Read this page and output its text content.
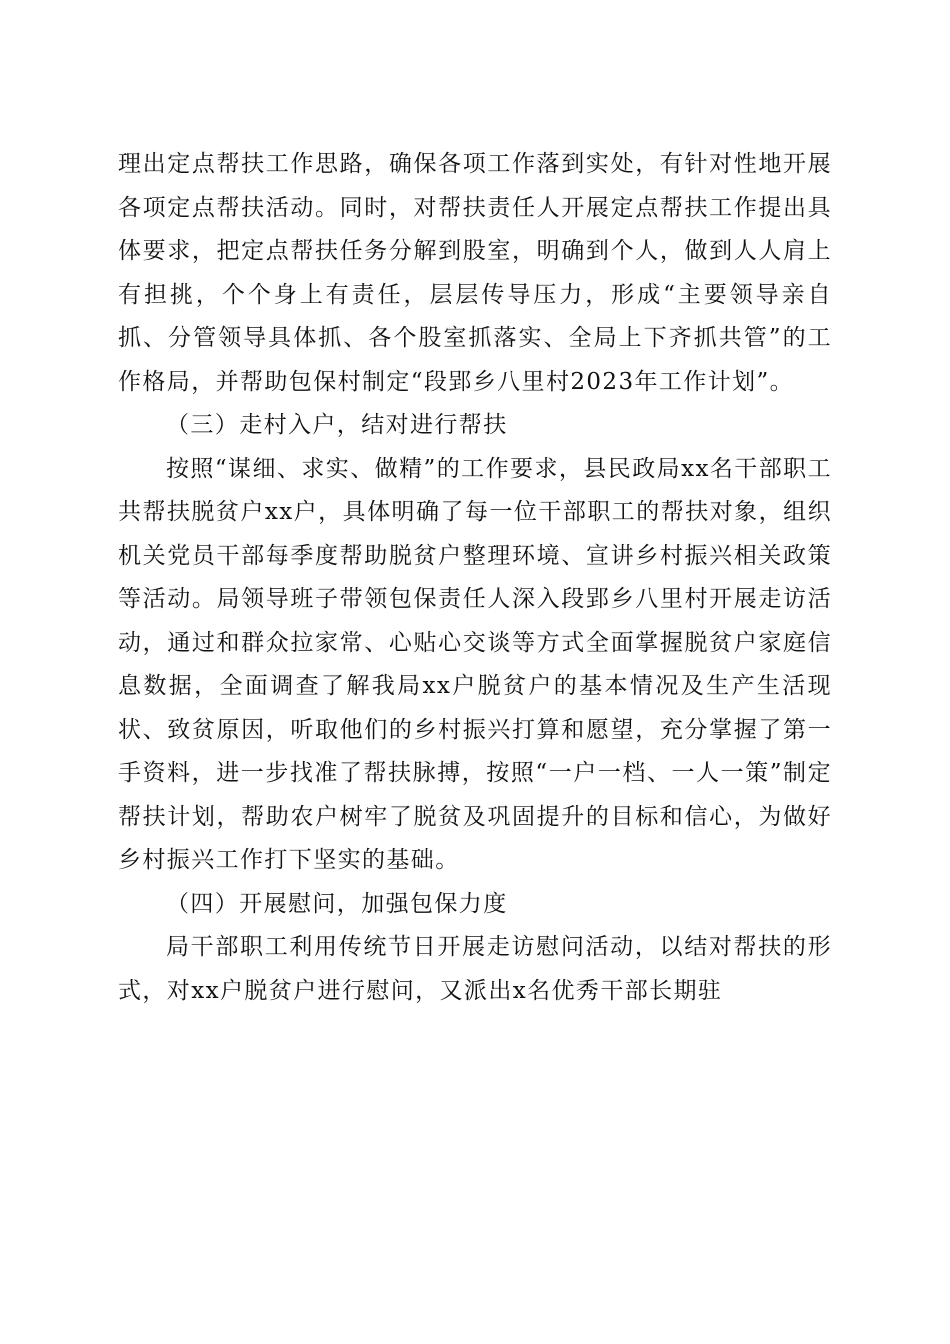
理出定点帮扶工作思路，确保各项工作落到实处，有针对性地开展各项定点帮扶活动。同时，对帮扶责任人开展定点帮扶工作提出具体要求，把定点帮扶任务分解到股室，明确到个人，做到人人肩上有担挑，个个身上有责任，层层传导压力，形成“主要领导亲自抓、分管领导具体抓、各个股室抓落实、全局上下齐抓共管”的工作格局，并帮助包保村制定“段郢乡八里村2023年工作计划”。

（三）走村入户，结对进行帮扶

按照“谋细、求实、做精”的工作要求，县民政局xx名干部职工共帮扶脱贫户xx户，具体明确了每一位干部职工的帮扶对象，组织机关党员干部每季度帮助脱贫户整理环境、宣讲乡村振兴相关政策等活动。局领导班子带领包保责任人深入段郢乡八里村开展走访活动，通过和群众拉家常、心贴心交谈等方式全面掌握脱贫户家庭信息数据，全面调查了解我局xx户脱贫户的基本情况及生产生活现状、致贫原因，听取他们的乡村振兴打算和愿望，充分掌握了第一手资料，进一步找准了帮扶脉搏，按照“一户一档、一人一策”制定帮扶计划，帮助农户树牢了脱贫及巩固提升的目标和信心，为做好乡村振兴工作打下坚实的基础。

（四）开展慰问，加强包保力度

局干部职工利用传统节日开展走访慰问活动，以结对帮扶的形式，对xx户脱贫户进行慰问，又派出x名优秀干部长期驻
